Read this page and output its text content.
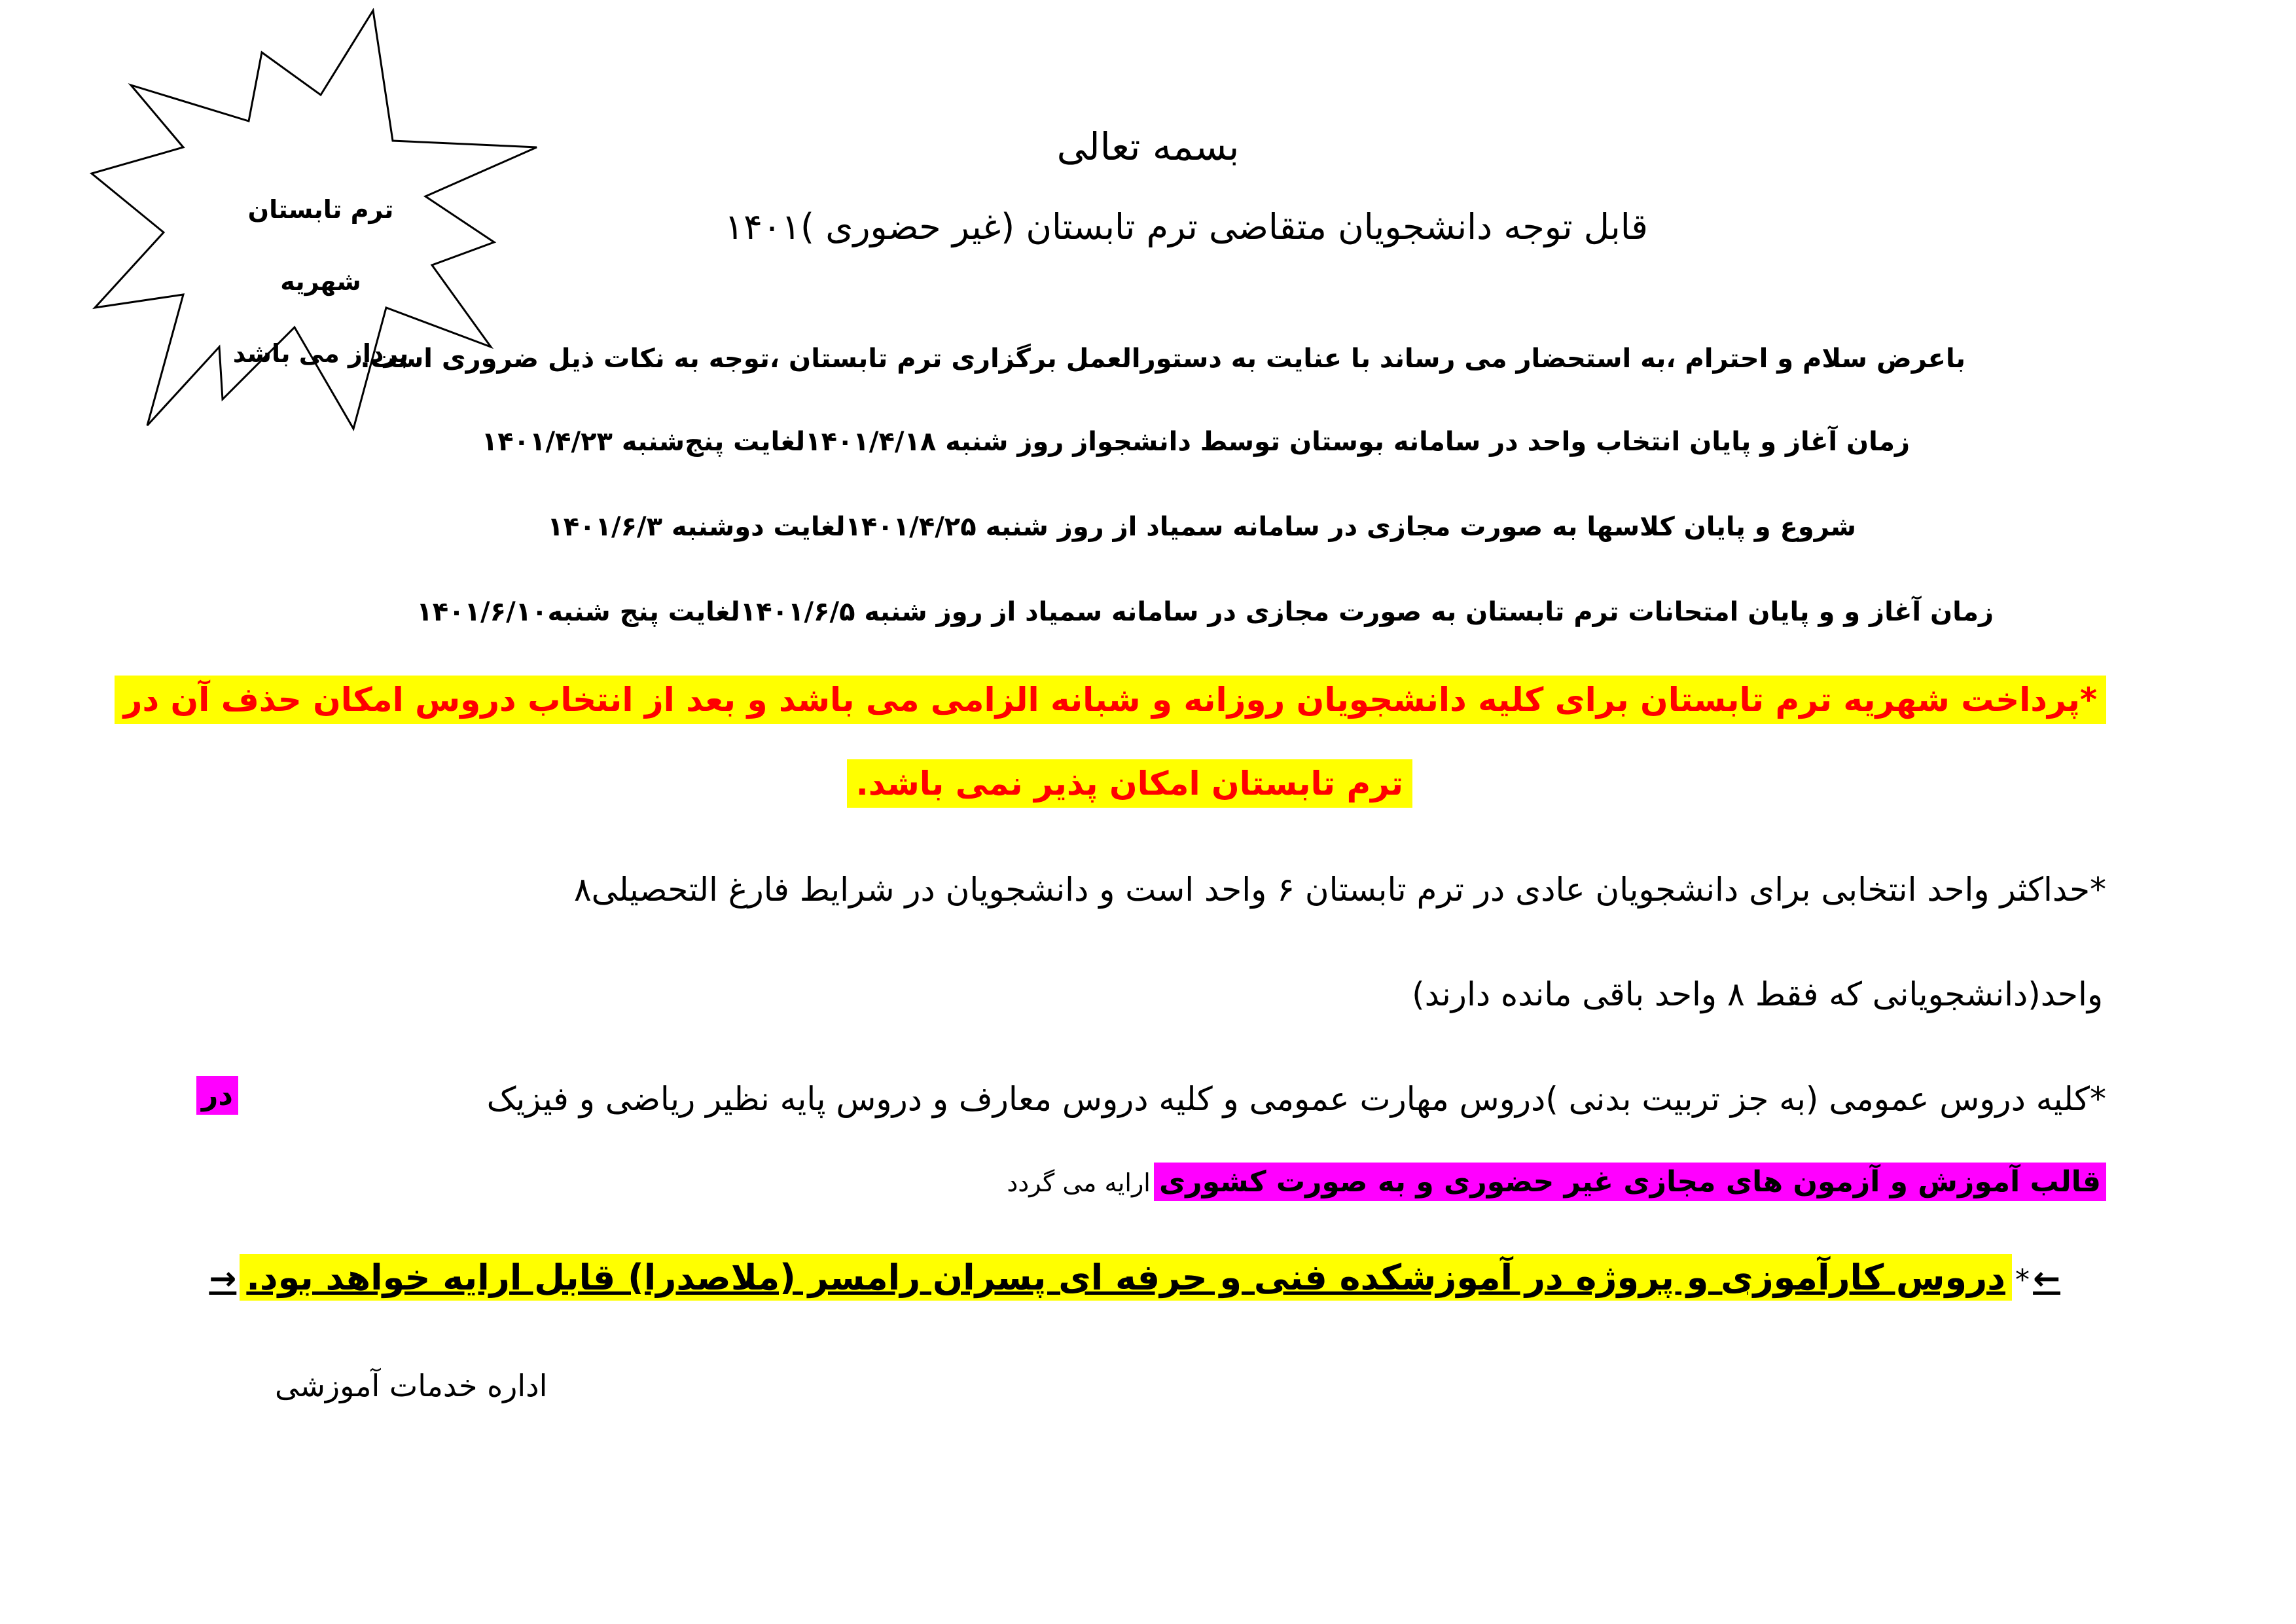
ترم تابستان شهریه
پرداز می باشد
بسمه تعالی
قابل توجه دانشجویان متقاضی ترم تابستان (غیر حضوری )۱۴۰۱
باعرض سلام و احترام ،به استحضار می رساند با عنایت به دستورالعمل برگزاری ترم تابستان ،توجه به نکات ذیل ضروری است.
زمان آغاز و پایان انتخاب واحد در سامانه بوستان توسط دانشجواز روز شنبه ۱۴۰۱/۴/۱۸لغایت پنج‌شنبه ۱۴۰۱/۴/۲۳
شروع و پایان کلاسها به صورت مجازی در سامانه سمیاد از روز شنبه ۱۴۰۱/۴/۲۵لغایت دوشنبه ۱۴۰۱/۶/۳
زمان آغاز و و پایان امتحانات ترم تابستان به صورت مجازی در سامانه سمیاد از روز شنبه ۱۴۰۱/۶/۵لغایت پنج شنبه۱۴۰۱/۶/۱۰
*پرداخت شهریه ترم تابستان برای کلیه دانشجویان روزانه و شبانه الزامی می باشد و بعد از انتخاب دروس امکان حذف آن در
ترم تابستان امکان پذیر نمی باشد.
*حداکثر واحد انتخابی برای دانشجویان عادی در ترم تابستان ۶ واحد است و دانشجویان در شرایط فارغ التحصیلی۸
واحد(دانشجویانی که فقط ۸ واحد باقی مانده دارند)
*کلیه دروس عمومی (به جز تربیت بدنی )دروس مهارت عمومی و کلیه دروس معارف و دروس پایه نظیر ریاضی و فیزیک
در
قالب آموزش و آزمون های مجازی غیر حضوری و به صورت کشوری ارایه می گردد
← * دروس کارآموزی و پروژه در آموزشکده فنی و حرفه ای پسران رامسر (ملاصدرا) قابل ارایه خواهد بود. →
اداره خدمات آموزشی
